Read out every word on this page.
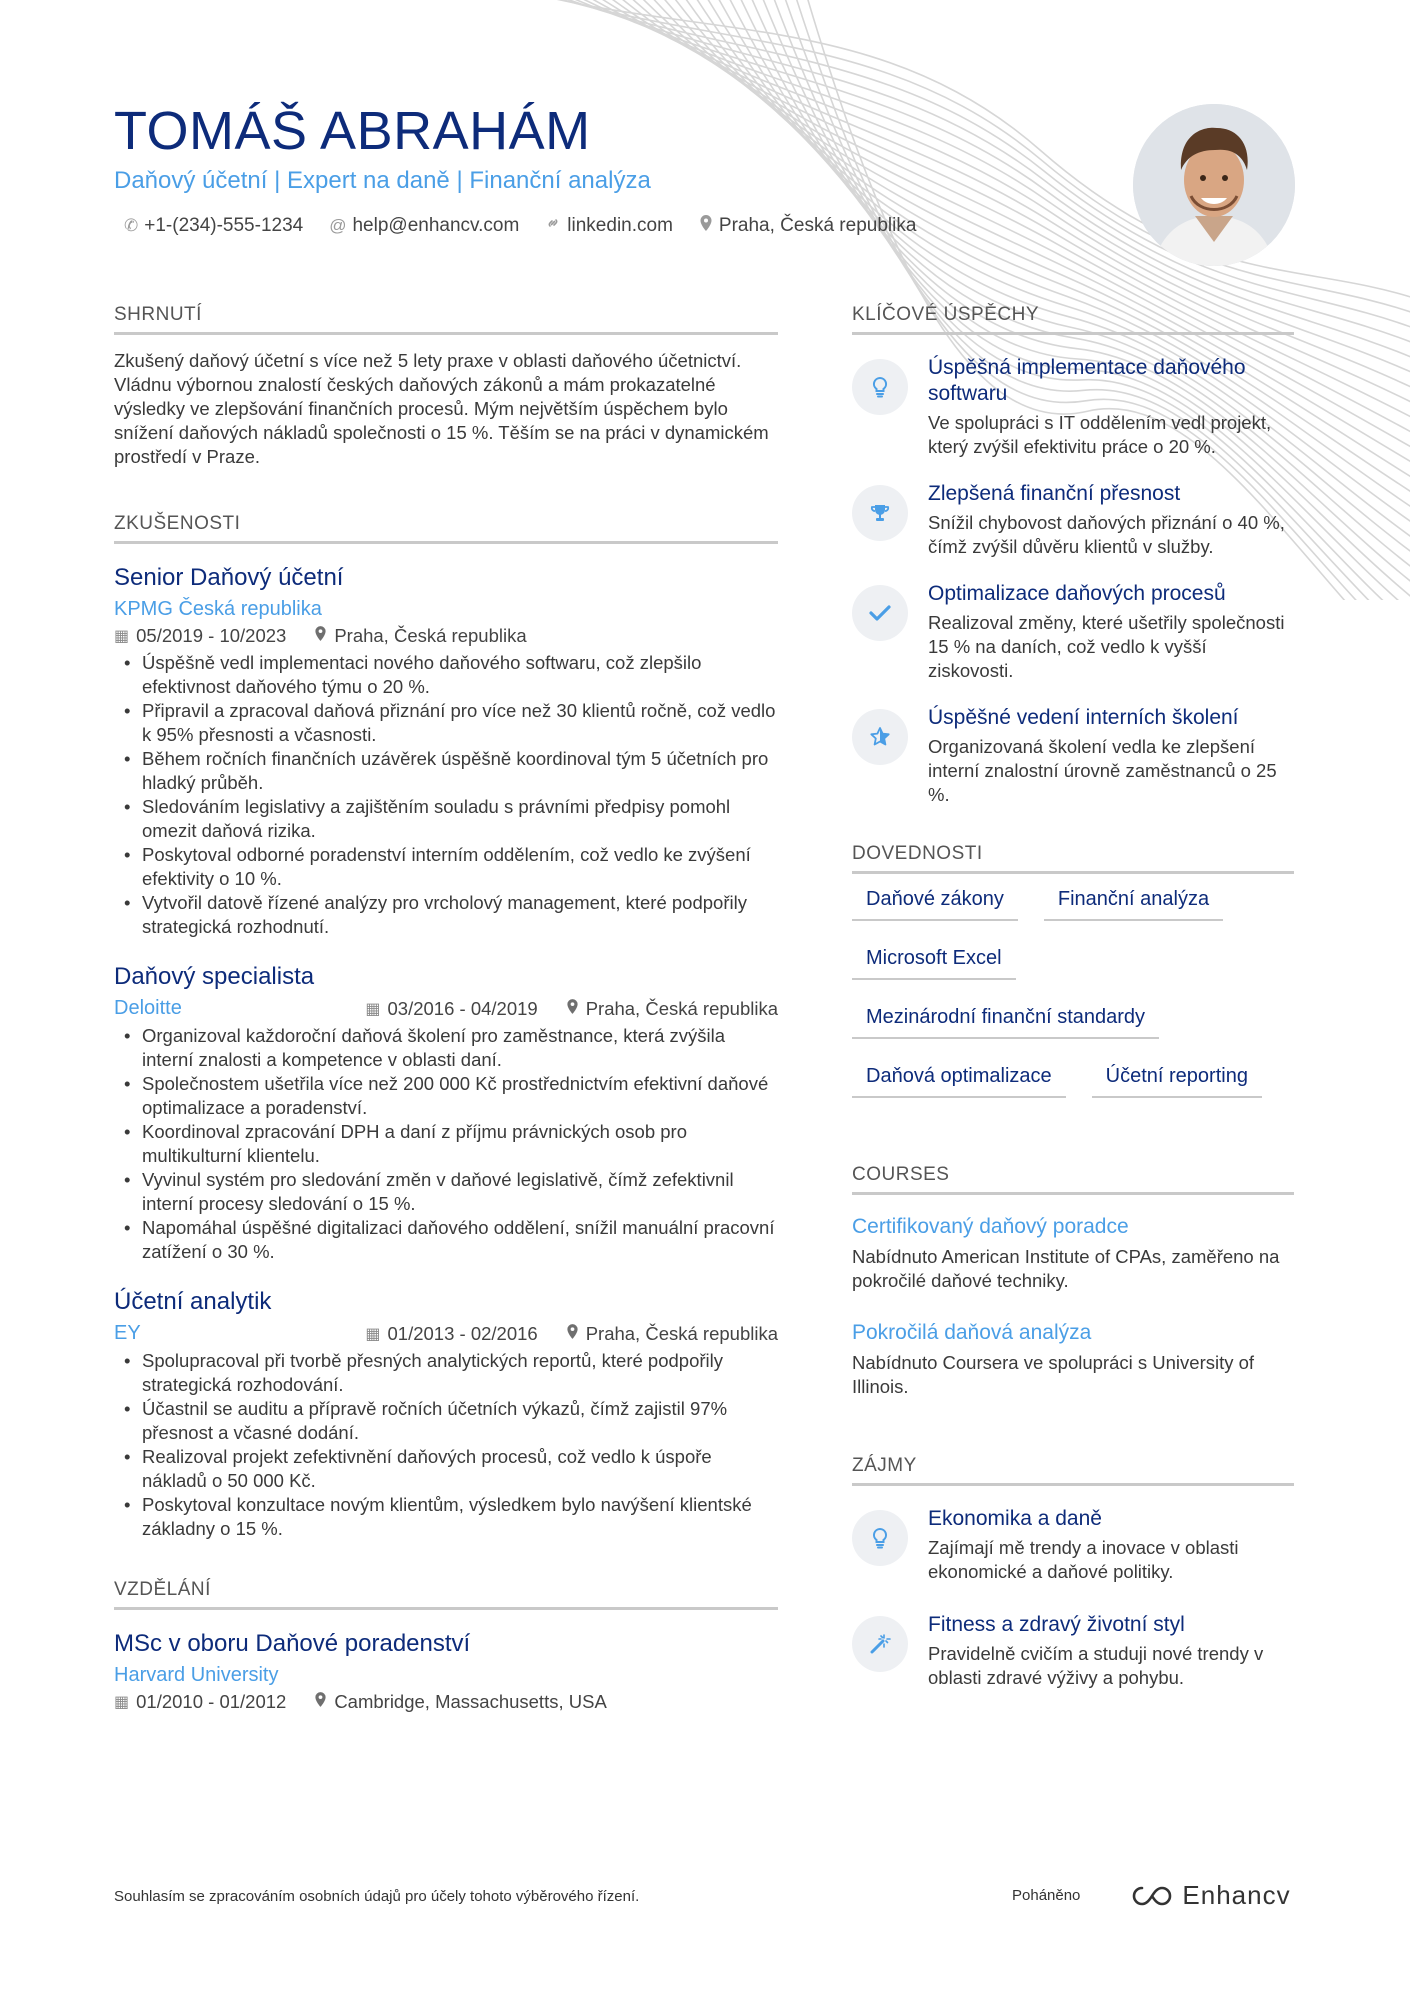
TOMÁŠ ABRAHÁM
Daňový účetní | Expert na daně | Finanční analýza
✆ +1-(234)-555-1234 @ help@enhancv.com	linkedin.com Praha, Česká republika
SHRNUTÍ
Zkušený daňový účetní s více než 5 lety praxe v oblasti daňového účetnictví. Vládnu výbornou znalostí českých daňových zákonů a mám prokazatelné výsledky ve zlepšování finančních procesů. Mým největším úspěchem bylo snížení daňových nákladů společnosti o 15 %. Těším se na práci v dynamickém prostředí v Praze.
ZKUŠENOSTI
Senior Daňový účetní
KPMG Česká republika
▦ 05/2019 - 10/2023	Praha, Česká republika
• Úspěšně vedl implementaci nového daňového softwaru, což zlepšilo efektivnost daňového týmu o 20 %.
• Připravil a zpracoval daňová přiznání pro více než 30 klientů ročně, což vedlo k 95% přesnosti a včasnosti.
• Během ročních finančních uzávěrek úspěšně koordinoval tým 5 účetních pro hladký průběh.
• Sledováním legislativy a zajištěním souladu s právními předpisy pomohl omezit daňová rizika.
• Poskytoval odborné poradenství interním oddělením, což vedlo ke zvýšení efektivity o 10 %.
• Vytvořil datově řízené analýzy pro vrcholový management, které podpořily strategická rozhodnutí.
Daňový specialista
Deloitte	▦ 03/2016 - 04/2019	Praha, Česká republika
• Organizoval každoroční daňová školení pro zaměstnance, která zvýšila interní znalosti a kompetence v oblasti daní.
• Společnostem ušetřila více než 200 000 Kč prostřednictvím efektivní daňové optimalizace a poradenství.
• Koordinoval zpracování DPH a daní z příjmu právnických osob pro multikulturní klientelu.
• Vyvinul systém pro sledování změn v daňové legislativě, čímž zefektivnil interní procesy sledování o 15 %.
• Napomáhal úspěšné digitalizaci daňového oddělení, snížil manuální pracovní zatížení o 30 %.
Účetní analytik
EY	▦ 01/2013 - 02/2016	Praha, Česká republika
• Spolupracoval při tvorbě přesných analytických reportů, které podpořily strategická rozhodování.
• Účastnil se auditu a přípravě ročních účetních výkazů, čímž zajistil 97% přesnost a včasné dodání.
• Realizoval projekt zefektivnění daňových procesů, což vedlo k úspoře nákladů o 50 000 Kč.
• Poskytoval konzultace novým klientům, výsledkem bylo navýšení klientské základny o 15 %.
VZDĚLÁNÍ
MSc v oboru Daňové poradenství
Harvard University
▦ 01/2010 - 01/2012	Cambridge, Massachusetts, USA
KLÍČOVÉ ÚSPĚCHY
Úspěšná implementace daňového softwaru
Ve spolupráci s IT oddělením vedl projekt, který zvýšil efektivitu práce o 20 %.
Zlepšená finanční přesnost
Snížil chybovost daňových přiznání o 40 %, čímž zvýšil důvěru klientů v služby.
Optimalizace daňových procesů
Realizoval změny, které ušetřily společnosti 15 % na daních, což vedlo k vyšší ziskovosti.
Úspěšné vedení interních školení
Organizovaná školení vedla ke zlepšení interní znalostní úrovně zaměstnanců o 25 %.
DOVEDNOSTI
Daňové zákony	Finanční analýza
Microsoft Excel
Mezinárodní finanční standardy
Daňová optimalizace	Účetní reporting
COURSES
Certifikovaný daňový poradce
Nabídnuto American Institute of CPAs, zaměřeno na pokročilé daňové techniky.
Pokročilá daňová analýza
Nabídnuto Coursera ve spolupráci s University of Illinois.
ZÁJMY
Ekonomika a daně
Zajímají mě trendy a inovace v oblasti ekonomické a daňové politiky.
Fitness a zdravý životní styl
Pravidelně cvičím a studuji nové trendy v oblasti zdravé výživy a pohybu.
Souhlasím se zpracováním osobních údajů pro účely tohoto výběrového řízení.	Poháněno	Enhancv
